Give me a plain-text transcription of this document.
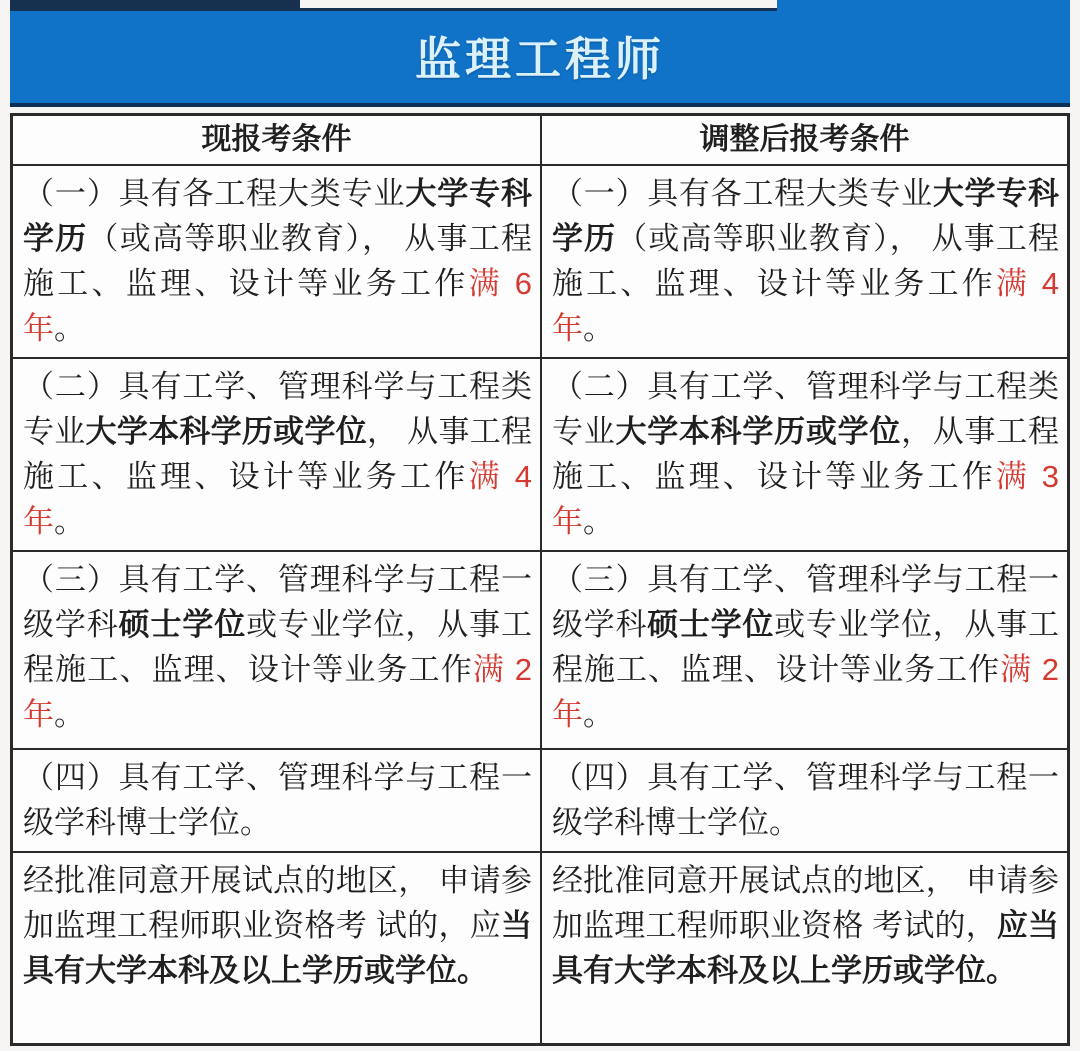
监理工程师
现报考条件	调整后报考条件
（一）具有各工程大类专业大学专科学历（或高等职业教育）， 从事工程施工、监理、设计等业务工作满 6 年。
（一）具有各工程大类专业大学专科学历（或高等职业教育）， 从事工程施工、监理、设计等业务工作满 4 年。
（二）具有工学、管理科学与工程类专业大学本科学历或学位， 从事工程施工、监理、设计等业务工作满 4 年。
（二）具有工学、管理科学与工程类专业大学本科学历或学位，从事工程施工、监理、设计等业务工作满 3 年。
（三）具有工学、管理科学与工程一级学科硕士学位或专业学位，从事工程施工、监理、设计等业务工作满 2 年。
（三）具有工学、管理科学与工程一级学科硕士学位或专业学位，从事工程施工、监理、设计等业务工作满 2 年。
（四）具有工学、管理科学与工程一级学科博士学位。
（四）具有工学、管理科学与工程一级学科博士学位。
经批准同意开展试点的地区， 申请参加监理工程师职业资格考 试的，应当具有大学本科及以上学历或学位。
经批准同意开展试点的地区， 申请参加监理工程师职业资格 考试的，应当具有大学本科及以上学历或学位。
